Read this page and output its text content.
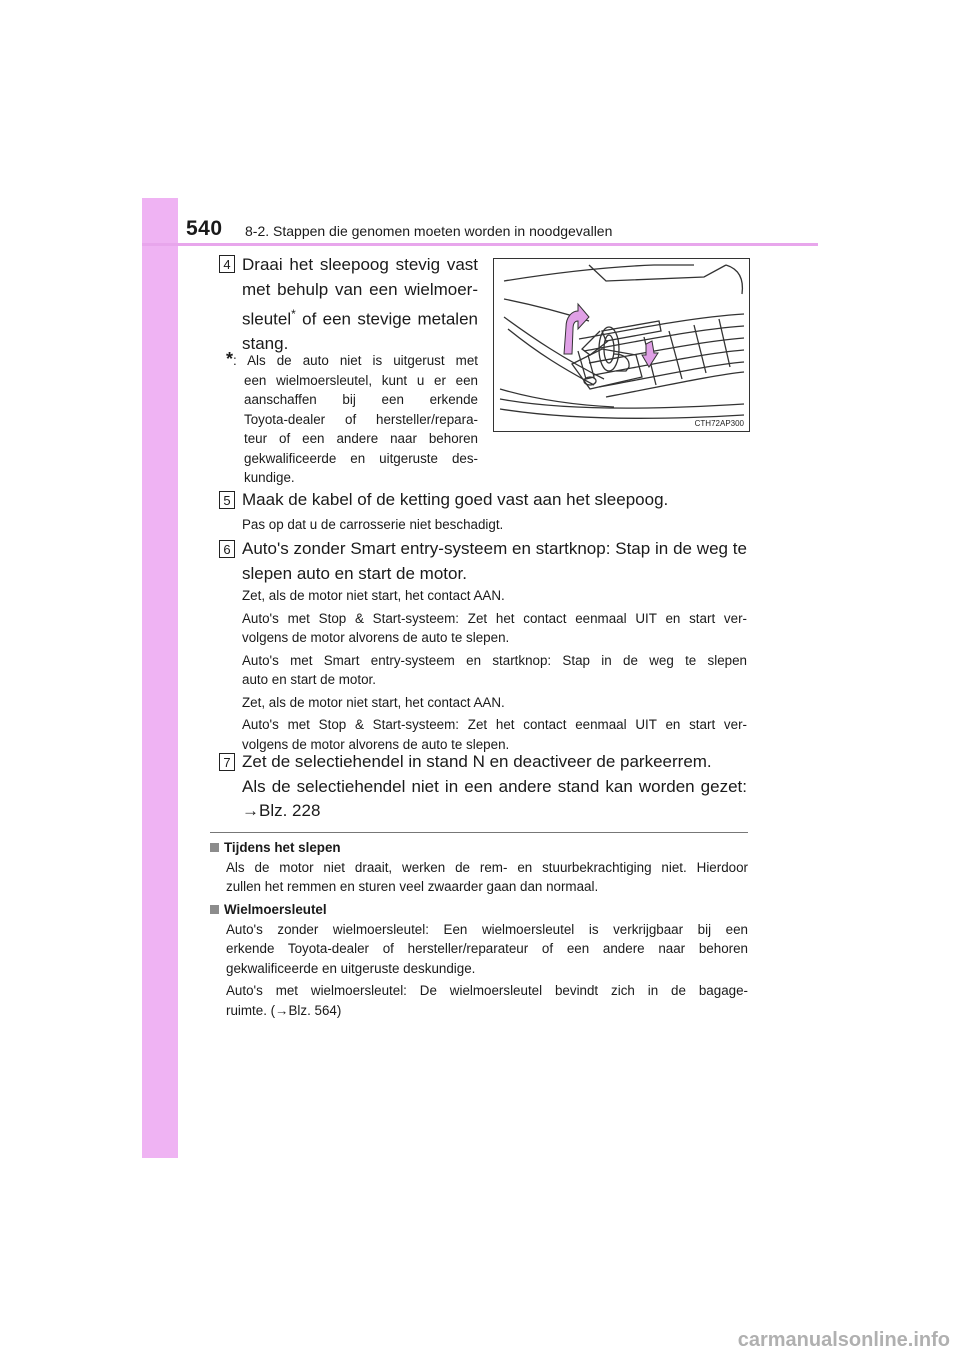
540 8-2. Stappen die genomen moeten worden in noodgevallen
4 Draai het sleepoog stevig vast
met behulp van een wielmoer-
sleutel* of een stevige metalen
stang.
*: Als de auto niet is uitgerust met
een wielmoersleutel, kunt u er een
aanschaffen bij een erkende
Toyota-dealer of hersteller/repara-
teur of een andere naar behoren
gekwalificeerde en uitgeruste des-
kundige.
CTH72AP300
5 Maak de kabel of de ketting goed vast aan het sleepoog.
Pas op dat u de carrosserie niet beschadigt.
6 Auto's zonder Smart entry-systeem en startknop: Stap in de weg te
slepen auto en start de motor.
Zet, als de motor niet start, het contact AAN.
Auto's met Stop & Start-systeem: Zet het contact eenmaal UIT en start ver-
volgens de motor alvorens de auto te slepen.
Auto's met Smart entry-systeem en startknop: Stap in de weg te slepen
auto en start de motor.
Zet, als de motor niet start, het contact AAN.
Auto's met Stop & Start-systeem: Zet het contact eenmaal UIT en start ver-
volgens de motor alvorens de auto te slepen.
7 Zet de selectiehendel in stand N en deactiveer de parkeerrem.
Als de selectiehendel niet in een andere stand kan worden gezet:
→Blz. 228
Tijdens het slepen
Als de motor niet draait, werken de rem- en stuurbekrachtiging niet. Hierdoor
zullen het remmen en sturen veel zwaarder gaan dan normaal.
Wielmoersleutel
Auto's zonder wielmoersleutel: Een wielmoersleutel is verkrijgbaar bij een
erkende Toyota-dealer of hersteller/reparateur of een andere naar behoren
gekwalificeerde en uitgeruste deskundige.
Auto's met wielmoersleutel: De wielmoersleutel bevindt zich in de bagage-
ruimte. (→Blz. 564)
carmanualsonline.info
